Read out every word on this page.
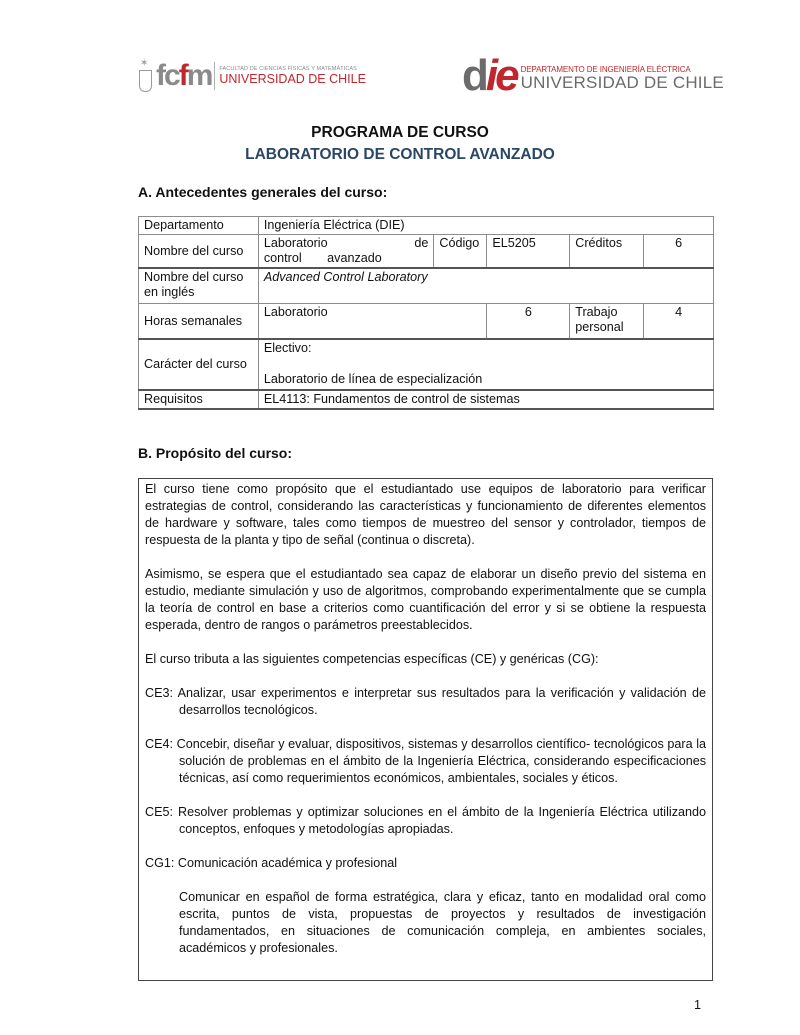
✶ fcfm FACULTAD DE CIENCIAS FÍSICAS Y MATEMÁTICAS
UNIVERSIDAD DE CHILE die DEPARTAMENTO DE INGENIERÍA ELÉCTRICA
UNIVERSIDAD DE CHILE
PROGRAMA DE CURSO
LABORATORIO DE CONTROL AVANZADO
A. Antecedentes generales del curso:
Departamento	Ingeniería Eléctrica (DIE)				
Nombre del curso	Laboratorio de control avanzado	Código	EL5205	Créditos	6
Nombre del curso en inglés	Advanced Control Laboratory				
Horas semanales	Laboratorio		6	Trabajo personal	4
Carácter del curso	Electivo:
Laboratorio de línea de especialización				

Requisitos	EL4113: Fundamentos de control de sistemas				
B. Propósito del curso:

El curso tiene como propósito que el estudiantado use equipos de laboratorio para verificar estrategias de control, considerando las características y funcionamiento de diferentes elementos de hardware y software, tales como tiempos de muestreo del sensor y controlador, tiempos de respuesta de la planta y tipo de señal (continua o discreta).

Asimismo, se espera que el estudiantado sea capaz de elaborar un diseño previo del sistema en estudio, mediante simulación y uso de algoritmos, comprobando experimentalmente que se cumpla la teoría de control en base a criterios como cuantificación del error y si se obtiene la respuesta esperada, dentro de rangos o parámetros preestablecidos.

El curso tributa a las siguientes competencias específicas (CE) y genéricas (CG):

CE3: Analizar, usar experimentos e interpretar sus resultados para la verificación y validación de desarrollos tecnológicos.
CE4: Concebir, diseñar y evaluar, dispositivos, sistemas y desarrollos científico- tecnológicos para la solución de problemas en el ámbito de la Ingeniería Eléctrica, considerando especificaciones técnicas, así como requerimientos económicos, ambientales, sociales y éticos.
CE5: Resolver problemas y optimizar soluciones en el ámbito de la Ingeniería Eléctrica utilizando conceptos, enfoques y metodologías apropiadas.
CG1: Comunicación académica y profesional

Comunicar en español de forma estratégica, clara y eficaz, tanto en modalidad oral como escrita, puntos de vista, propuestas de proyectos y resultados de investigación fundamentados, en situaciones de comunicación compleja, en ambientes sociales, académicos y profesionales.

1
